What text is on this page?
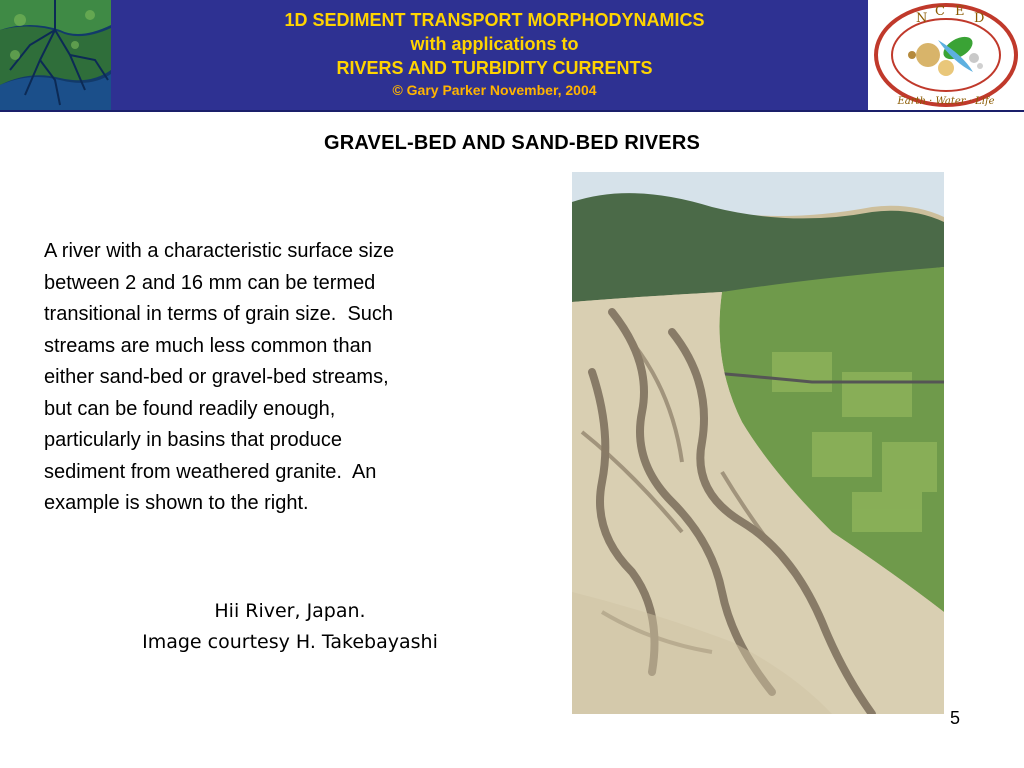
1D SEDIMENT TRANSPORT MORPHODYNAMICS
with applications to
RIVERS AND TURBIDITY CURRENTS
© Gary Parker November, 2004
N C E D
Earth · Water · Life
GRAVEL-BED AND SAND-BED RIVERS
A river with a characteristic surface size
between 2 and 16 mm can be termed
transitional in terms of grain size.  Such
streams are much less common than
either sand-bed or gravel-bed streams,
but can be found readily enough,
particularly in basins that produce
sediment from weathered granite.  An
example is shown to the right.
Hii River, Japan.
Image courtesy H. Takebayashi
5
